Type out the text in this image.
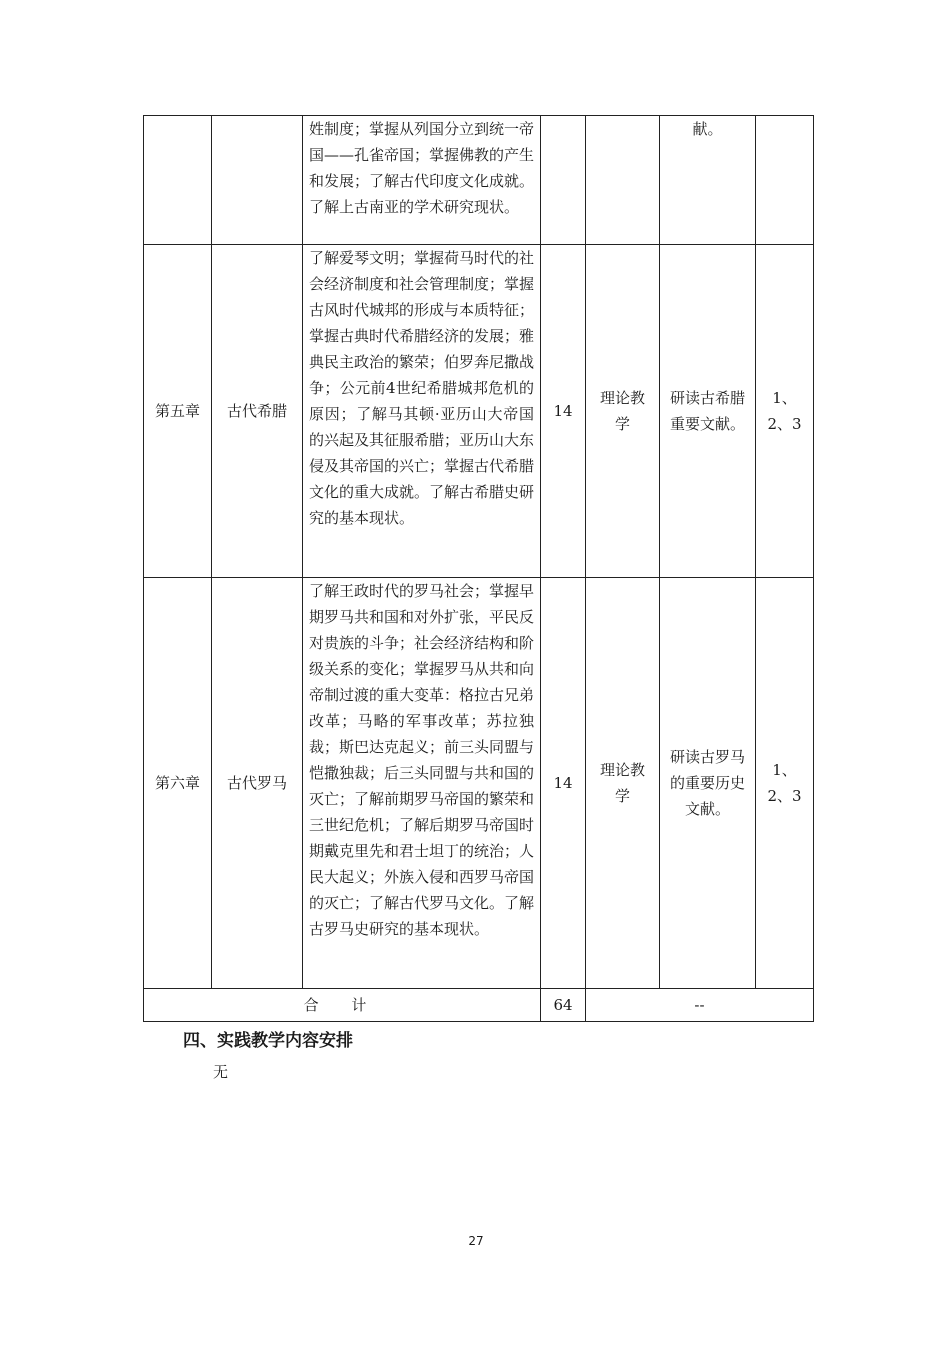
		姓制度；掌握从列国分立到统一帝国——孔雀帝国；掌握佛教的产生和发展；了解古代印度文化成就。了解上古南亚的学术研究现状。			献。	
第五章	古代希腊	了解爱琴文明；掌握荷马时代的社会经济制度和社会管理制度；掌握古风时代城邦的形成与本质特征；掌握古典时代希腊经济的发展；雅典民主政治的繁荣；伯罗奔尼撒战争；公元前4世纪希腊城邦危机的原因；了解马其顿·亚历山大帝国的兴起及其征服希腊；亚历山大东侵及其帝国的兴亡；掌握古代希腊文化的重大成就。了解古希腊史研究的基本现状。	14	理论教学	研读古希腊重要文献。	1、2、3
第六章	古代罗马	了解王政时代的罗马社会；掌握早期罗马共和国和对外扩张，平民反对贵族的斗争；社会经济结构和阶级关系的变化；掌握罗马从共和向帝制过渡的重大变革：格拉古兄弟改革；马略的军事改革；苏拉独裁；斯巴达克起义；前三头同盟与恺撒独裁；后三头同盟与共和国的灭亡；了解前期罗马帝国的繁荣和三世纪危机；了解后期罗马帝国时期戴克里先和君士坦丁的统治；人民大起义；外族入侵和西罗马帝国的灭亡；了解古代罗马文化。了解古罗马史研究的基本现状。	14	理论教学	研读古罗马的重要历史文献。	1、2、3
合 计			64	--		
四、实践教学内容安排
无
27
